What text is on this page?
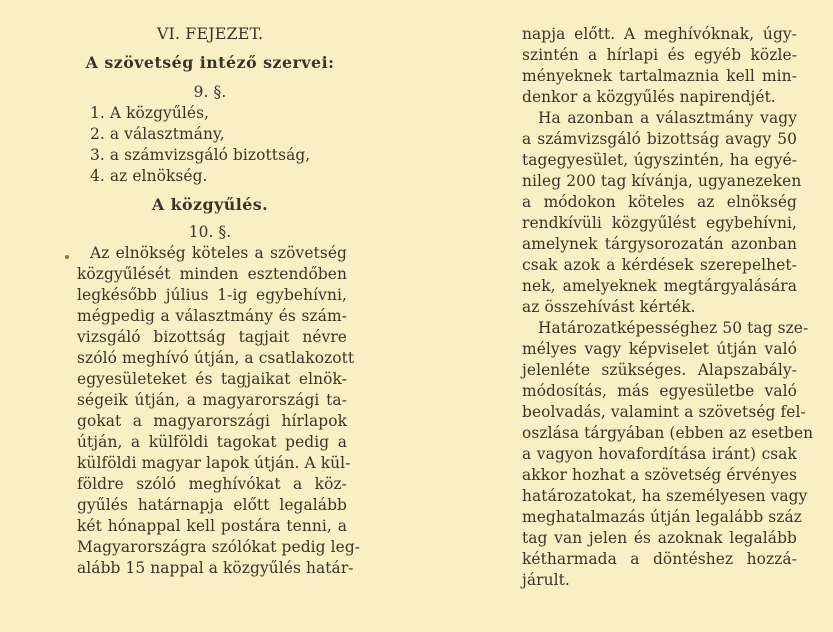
VI. FEJEZET.
A szövetség intéző szervei:
9. §.
1. A közgyűlés,
2. a választmány,
3. a számvizsgáló bizottság,
4. az elnökség.
A közgyűlés.
10. §.
Az elnökség köteles a szövetség
közgyűlését minden esztendőben
legkésőbb július 1-ig egybehívni,
mégpedig a választmány és szám-
vizsgáló bizottság tagjait névre
szóló meghívó útján, a csatlakozott
egyesületeket és tagjaikat elnök-
ségeik útján, a magyarországi ta-
gokat a magyarországi hírlapok
útján, a külföldi tagokat pedig a
külföldi magyar lapok útján. A kül-
földre szóló meghívókat a köz-
gyűlés határnapja előtt legalább
két hónappal kell postára tenni, a
Magyarországra szólókat pedig leg-
alább 15 nappal a közgyűlés határ-
napja előtt. A meghívóknak, úgy-
szintén a hírlapi és egyéb közle-
ményeknek tartalmaznia kell min-
denkor a közgyűlés napirendjét.
Ha azonban a választmány vagy
a számvizsgáló bizottság avagy 50
tagegyesület, úgyszintén, ha egyé-
nileg 200 tag kívánja, ugyanezeken
a módokon köteles az elnökség
rendkívüli közgyűlést egybehívni,
amelynek tárgysorozatán azonban
csak azok a kérdések szerepelhet-
nek, amelyeknek megtárgyalására
az összehívást kérték.
Határozatképességhez 50 tag sze-
mélyes vagy képviselet útján való
jelenléte szükséges. Alapszabály-
módosítás, más egyesületbe való
beolvadás, valamint a szövetség fel-
oszlása tárgyában (ebben az esetben
a vagyon hovafordítása iránt) csak
akkor hozhat a szövetség érvényes
határozatokat, ha személyesen vagy
meghatalmazás útján legalább száz
tag van jelen és azoknak legalább
kétharmada a döntéshez hozzá-
járult.
